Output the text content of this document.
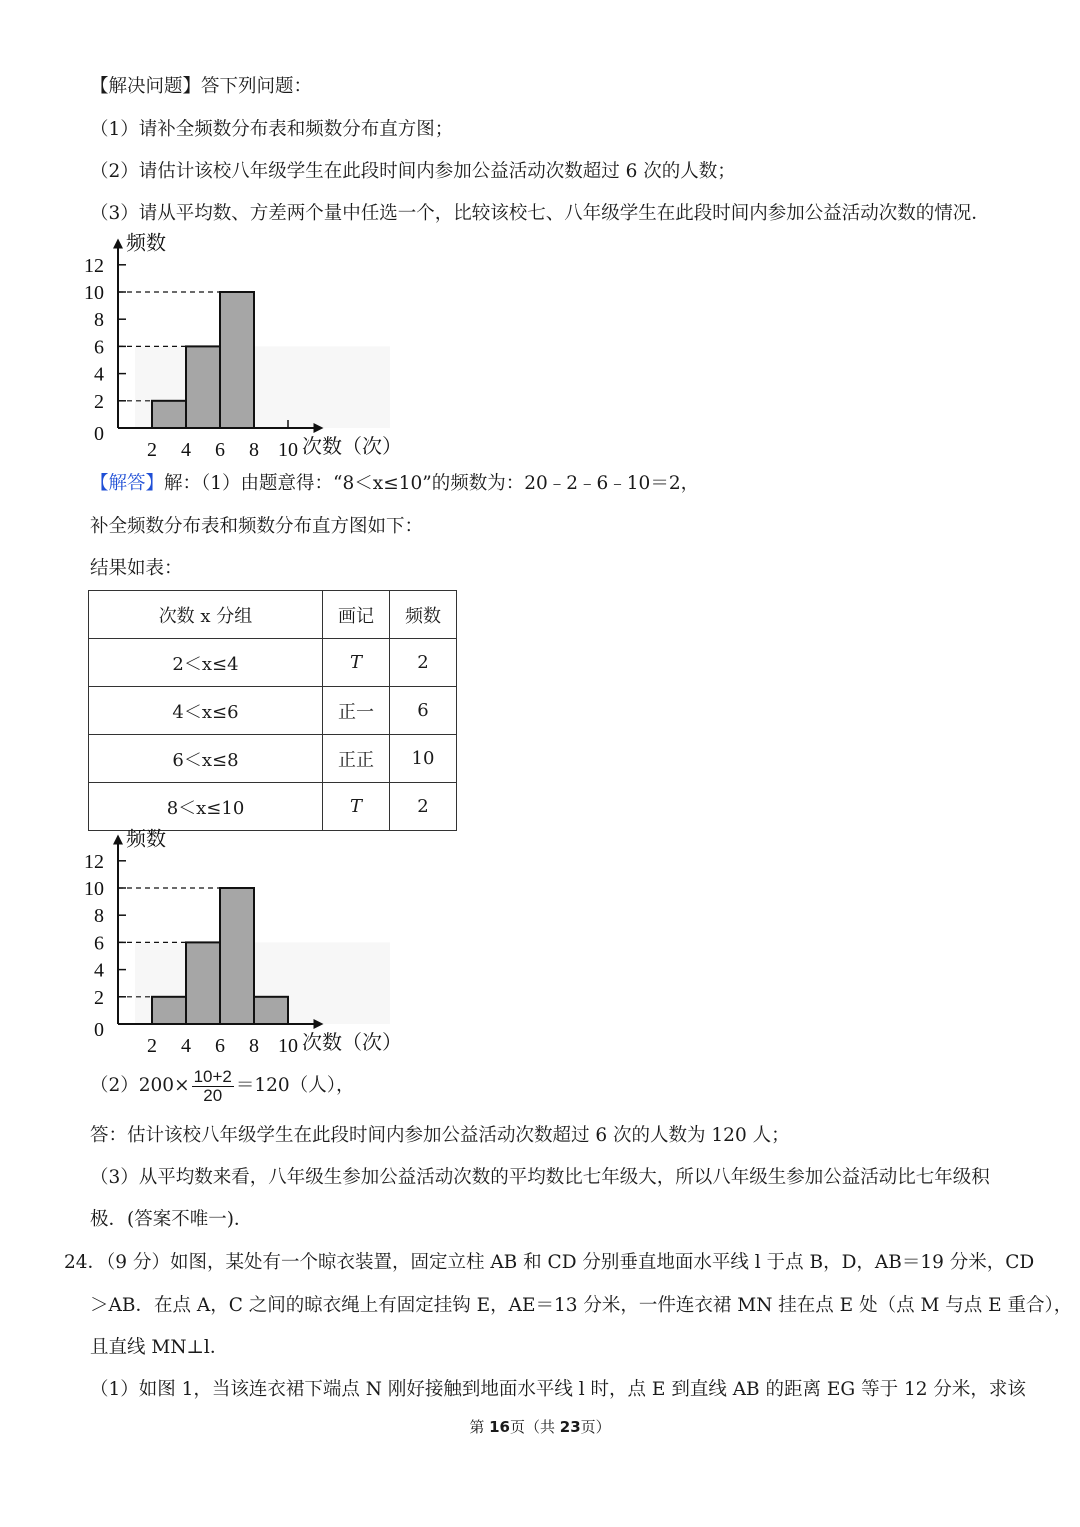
【解决问题】答下列问题：
（1）请补全频数分布表和频数分布直方图；
（2）请估计该校八年级学生在此段时间内参加公益活动次数超过 6 次的人数；
（3）请从平均数、方差两个量中任选一个，比较该校七、八年级学生在此段时间内参加公益活动次数的情况．
0
2
4
6
8
10
12
2 4 6 8 10 次数（次）
频数
【解答】解：（1）由题意得：“8＜x≤10”的频数为：20﹣2﹣6﹣10＝2，
补全频数分布表和频数分布直方图如下：
结果如表：
次数 x 分组	画记	频数
2＜x≤4	T	2
4＜x≤6	正一	6
6＜x≤8	正正	10
8＜x≤10	T	2
0
2
4
6
8
10
12
2 4 6 8 10 次数（次）
频数
$(2)200\times \frac{10+2}{20} =120$（人），
答：估计该校八年级学生在此段时间内参加公益活动次数超过 6 次的人数为 120 人；
（3）从平均数来看，八年级生参加公益活动次数的平均数比七年级大，所以八年级生参加公益活动比七年级积
极．(答案不唯一)．
24．（9 分）如图，某处有一个晾衣装置，固定立柱 AB 和 CD 分别垂直地面水平线 l 于点 B，D，AB＝19 分米，CD
＞AB．在点 A，C 之间的晾衣绳上有固定挂钩 E，AE＝13 分米，一件连衣裙 MN 挂在点 E 处（点 M 与点 E 重合），
且直线 MN⊥l．
（1）如图 1，当该连衣裙下端点 N 刚好接触到地面水平线 l 时，点 E 到直线 AB 的距离 EG 等于 12 分米，求该
第 16页（共 23页）
